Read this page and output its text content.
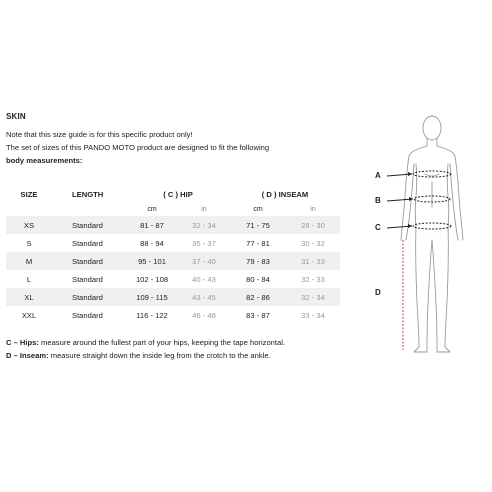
SKIN
Note that this size guide is for this specific product only!
The set of sizes of this PANDO MOTO product are designed to fit the following
body measurements:
SIZE	LENGTH	( C ) HIP		( D ) INSEAM	
		cm	in	cm	in
XS	Standard	81 - 87	32 - 34	71 - 75	28 - 30
S	Standard	88 - 94	35 - 37	77 - 81	30 - 32
M	Standard	95 - 101	37 - 40	79 - 83	31 - 33
L	Standard	102 - 108	40 - 43	80 - 84	32 - 33
XL	Standard	109 - 115	43 - 45	82 - 86	32 - 34
XXL	Standard	116 - 122	46 - 48	83 - 87	33 - 34
C – Hips: measure around the fullest part of your hips, keeping the tape horizontal.
D – Inseam: measure straight down the inside leg from the crotch to the ankle.
A
B
C
D
